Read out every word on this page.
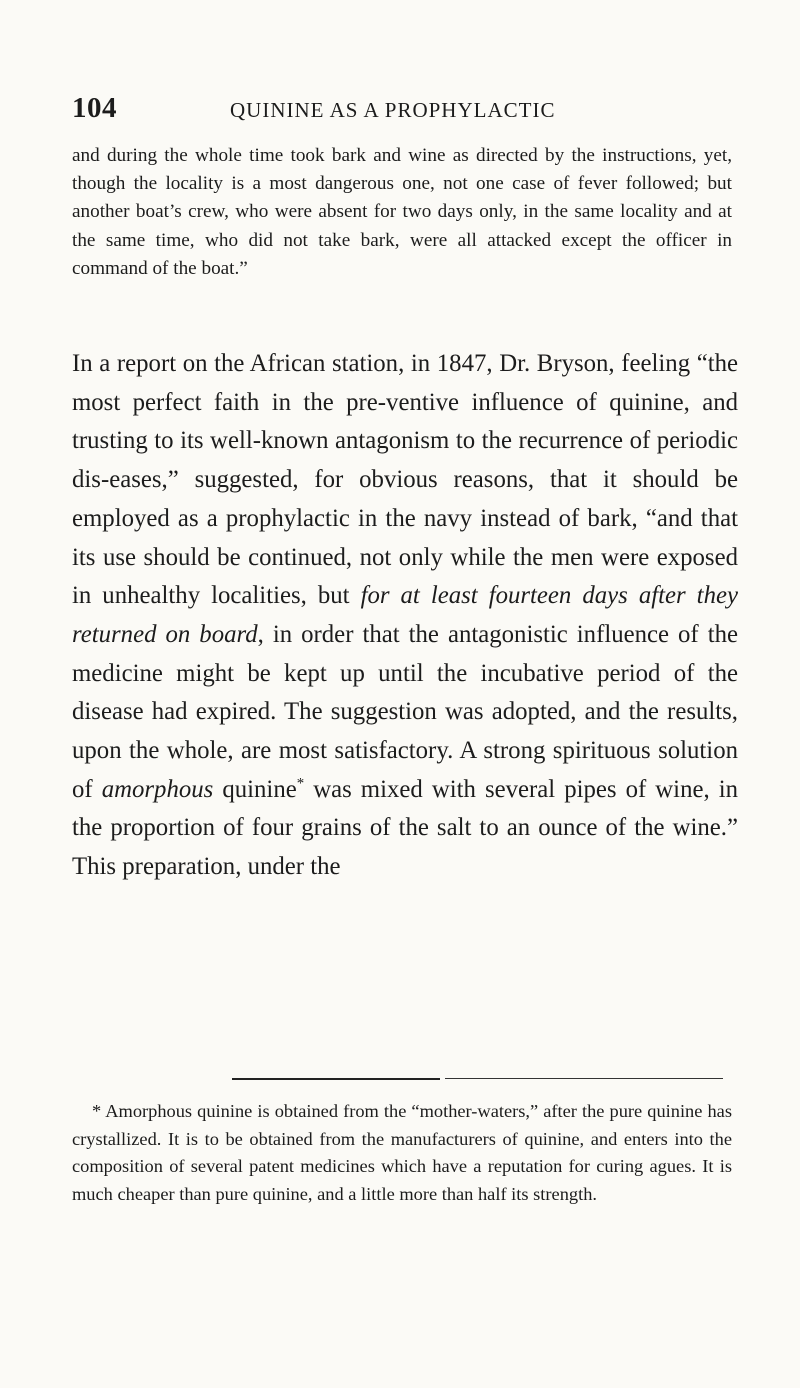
104	QUININE AS A PROPHYLACTIC

and during the whole time took bark and wine as directed by the instructions, yet, though the locality is a most dangerous one, not one case of fever followed; but another boat’s crew, who were absent for two days only, in the same locality and at the same time, who did not take bark, were all attacked except the officer in command of the boat.”

In a report on the African station, in 1847, Dr. Bryson, feeling “the most perfect faith in the pre-ventive influence of quinine, and trusting to its well-known antagonism to the recurrence of periodic dis-eases,” suggested, for obvious reasons, that it should be employed as a prophylactic in the navy instead of bark, “and that its use should be continued, not only while the men were exposed in unhealthy localities, but for at least fourteen days after they returned on board, in order that the antagonistic influence of the medicine might be kept up until the incubative period of the disease had expired. The suggestion was adopted, and the results, upon the whole, are most satisfactory. A strong spirituous solution of amorphous quinine* was mixed with several pipes of wine, in the proportion of four grains of the salt to an ounce of the wine.” This preparation, under the

* Amorphous quinine is obtained from the “mother-waters,” after the pure quinine has crystallized. It is to be obtained from the manufacturers of quinine, and enters into the composition of several patent medicines which have a reputation for curing agues. It is much cheaper than pure quinine, and a little more than half its strength.
